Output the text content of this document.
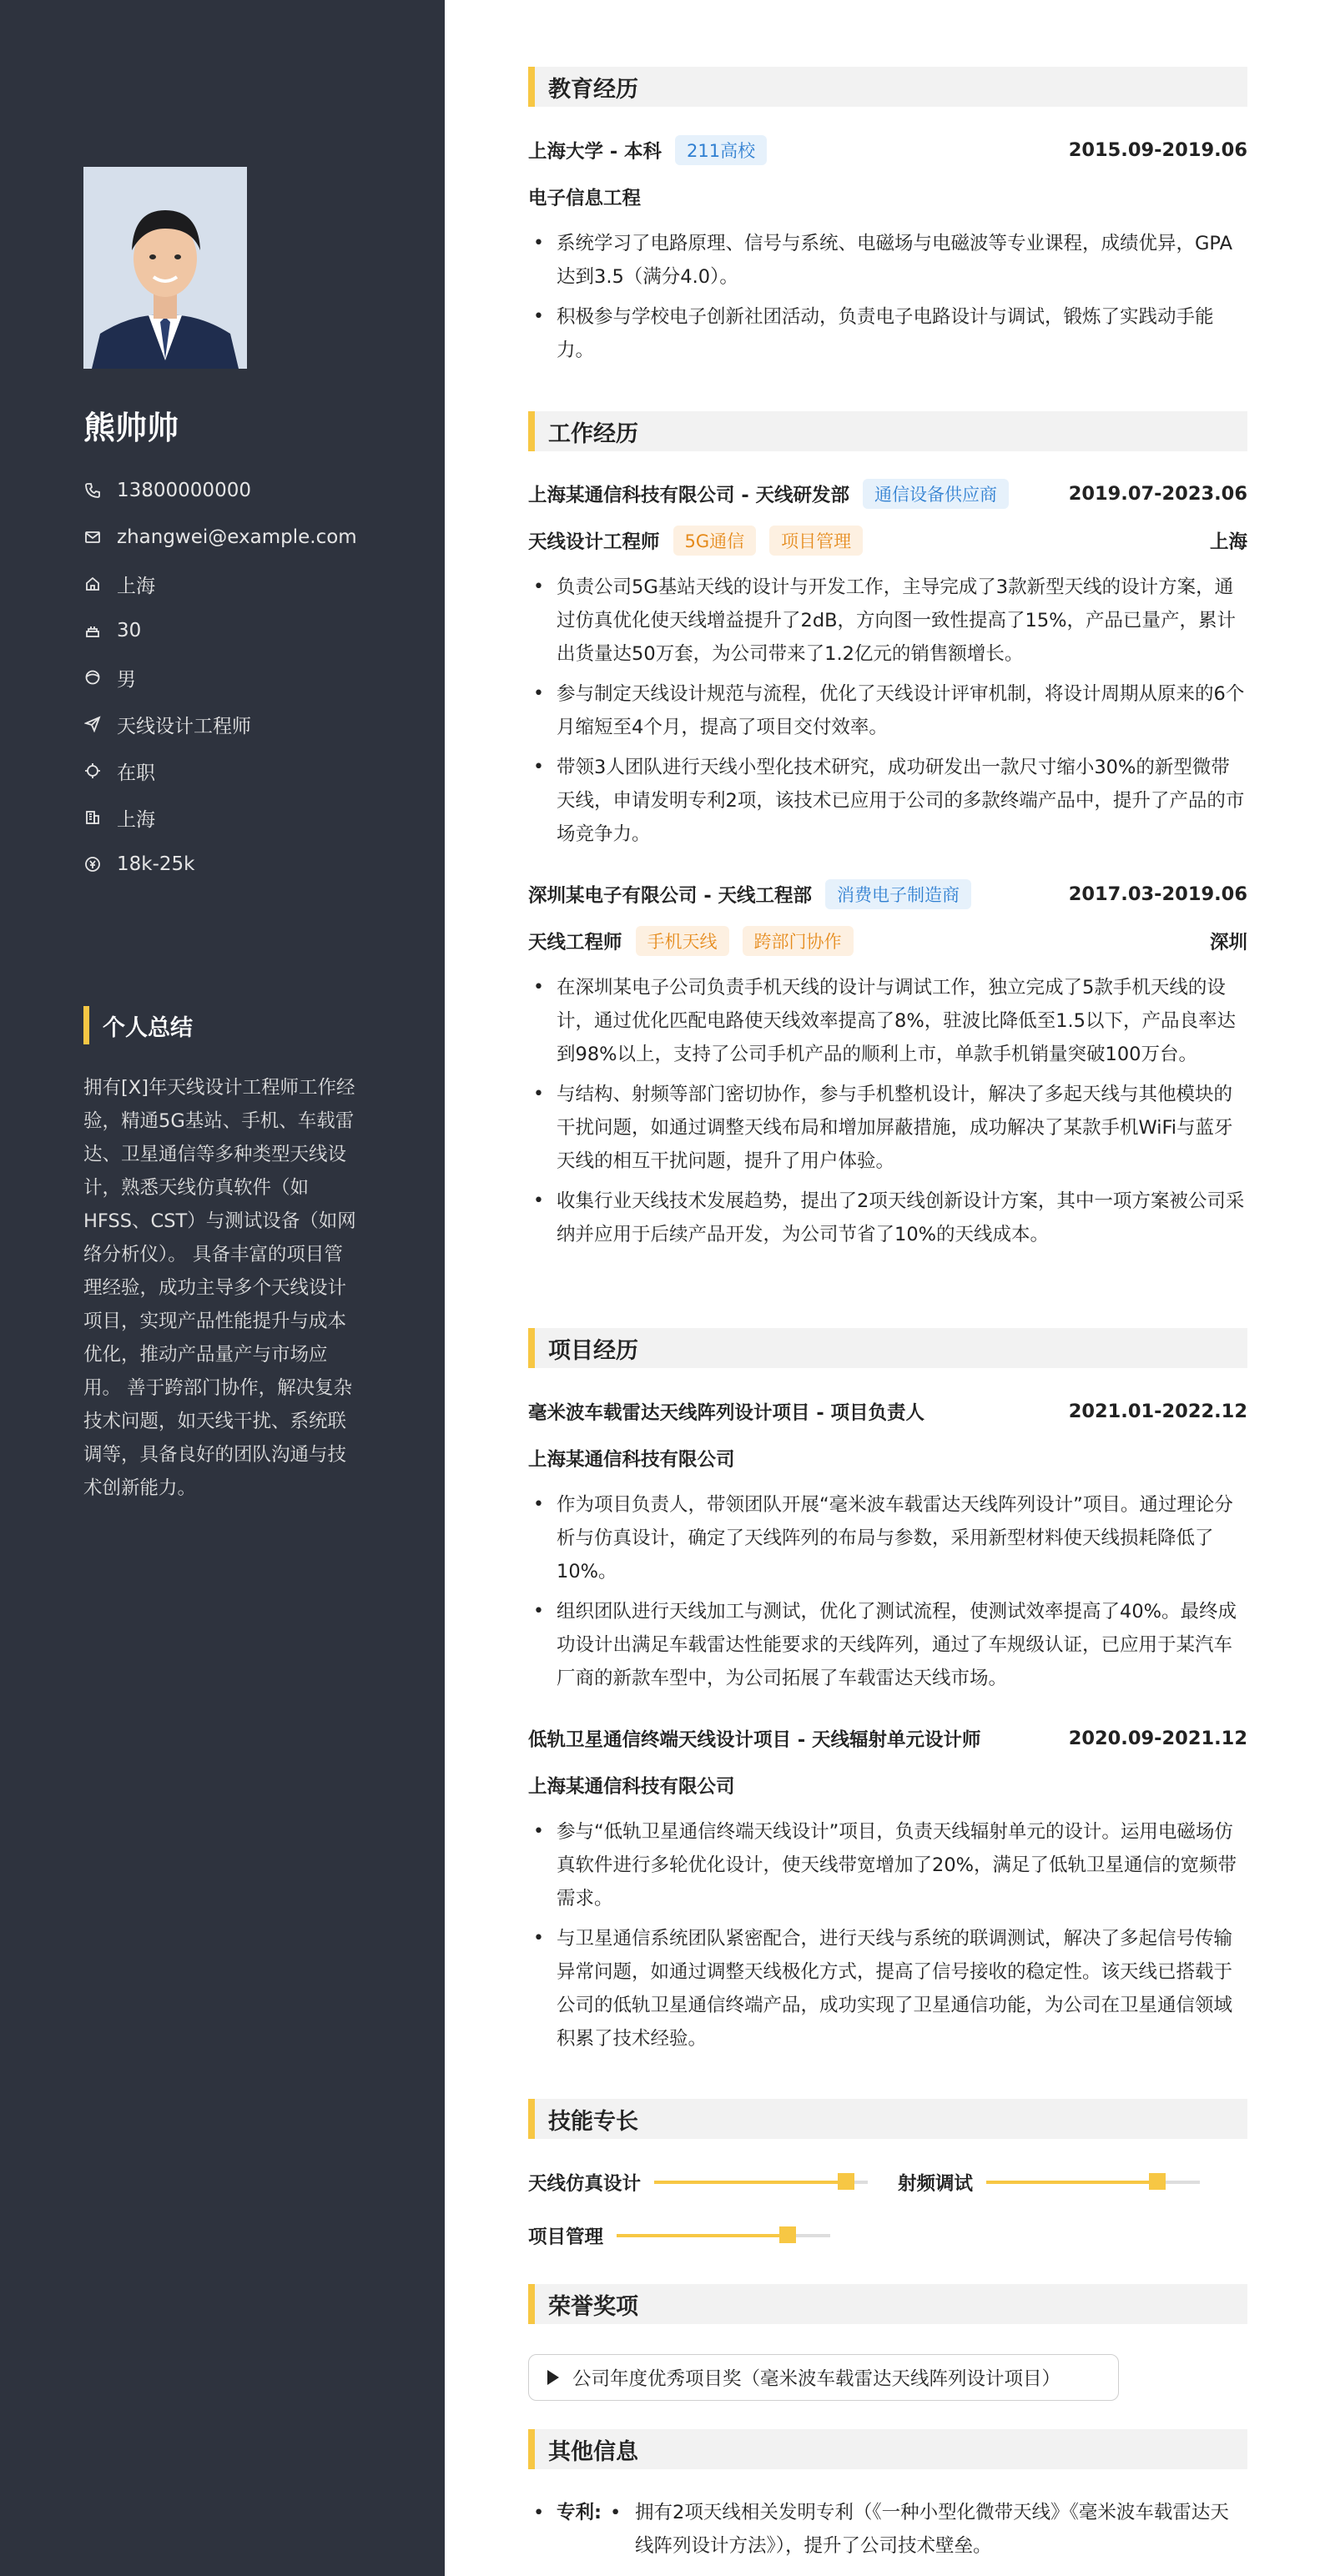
熊帅帅
13800000000
zhangwei@example.com
上海
30
男
天线设计工程师
在职
上海
18k-25k
个人总结
拥有[X]年天线设计工程师工作经验，精通5G基站、手机、车载雷达、卫星通信等多种类型天线设计，熟悉天线仿真软件（如HFSS、CST）与测试设备（如网络分析仪）。 具备丰富的项目管理经验，成功主导多个天线设计项目，实现产品性能提升与成本优化，推动产品量产与市场应用。 善于跨部门协作，解决复杂技术问题，如天线干扰、系统联调等，具备良好的团队沟通与技术创新能力。
教育经历
上海大学 - 本科	211高校	2015.09-2019.06
电子信息工程
• 系统学习了电路原理、信号与系统、电磁场与电磁波等专业课程，成绩优异，GPA达到3.5（满分4.0）。
• 积极参与学校电子创新社团活动，负责电子电路设计与调试，锻炼了实践动手能力。
工作经历
上海某通信科技有限公司 - 天线研发部	通信设备供应商	2019.07-2023.06
天线设计工程师	5G通信	项目管理	上海
• 负责公司5G基站天线的设计与开发工作，主导完成了3款新型天线的设计方案，通过仿真优化使天线增益提升了2dB，方向图一致性提高了15%，产品已量产，累计出货量达50万套，为公司带来了1.2亿元的销售额增长。
• 参与制定天线设计规范与流程，优化了天线设计评审机制，将设计周期从原来的6个月缩短至4个月，提高了项目交付效率。
• 带领3人团队进行天线小型化技术研究，成功研发出一款尺寸缩小30%的新型微带天线，申请发明专利2项，该技术已应用于公司的多款终端产品中，提升了产品的市场竞争力。
深圳某电子有限公司 - 天线工程部	消费电子制造商	2017.03-2019.06
天线工程师	手机天线	跨部门协作	深圳
• 在深圳某电子公司负责手机天线的设计与调试工作，独立完成了5款手机天线的设计，通过优化匹配电路使天线效率提高了8%，驻波比降低至1.5以下，产品良率达到98%以上，支持了公司手机产品的顺利上市，单款手机销量突破100万台。
• 与结构、射频等部门密切协作，参与手机整机设计，解决了多起天线与其他模块的干扰问题，如通过调整天线布局和增加屏蔽措施，成功解决了某款手机WiFi与蓝牙天线的相互干扰问题，提升了用户体验。
• 收集行业天线技术发展趋势，提出了2项天线创新设计方案，其中一项方案被公司采纳并应用于后续产品开发，为公司节省了10%的天线成本。
项目经历
毫米波车载雷达天线阵列设计项目 - 项目负责人	2021.01-2022.12
上海某通信科技有限公司
• 作为项目负责人，带领团队开展“毫米波车载雷达天线阵列设计”项目。通过理论分析与仿真设计，确定了天线阵列的布局与参数，采用新型材料使天线损耗降低了10%。
• 组织团队进行天线加工与测试，优化了测试流程，使测试效率提高了40%。最终成功设计出满足车载雷达性能要求的天线阵列，通过了车规级认证，已应用于某汽车厂商的新款车型中，为公司拓展了车载雷达天线市场。
低轨卫星通信终端天线设计项目 - 天线辐射单元设计师	2020.09-2021.12
上海某通信科技有限公司
• 参与“低轨卫星通信终端天线设计”项目，负责天线辐射单元的设计。运用电磁场仿真软件进行多轮优化设计，使天线带宽增加了20%，满足了低轨卫星通信的宽频带需求。
• 与卫星通信系统团队紧密配合，进行天线与系统的联调测试，解决了多起信号传输异常问题，如通过调整天线极化方式，提高了信号接收的稳定性。该天线已搭载于公司的低轨卫星通信终端产品，成功实现了卫星通信功能，为公司在卫星通信领域积累了技术经验。
技能专长
天线仿真设计	射频调试
项目管理
荣誉奖项
公司年度优秀项目奖（毫米波车载雷达天线阵列设计项目）
其他信息
• 专利: • 拥有2项天线相关发明专利（《一种小型化微带天线》《毫米波车载雷达天线阵列设计方法》），提升了公司技术壁垒。
